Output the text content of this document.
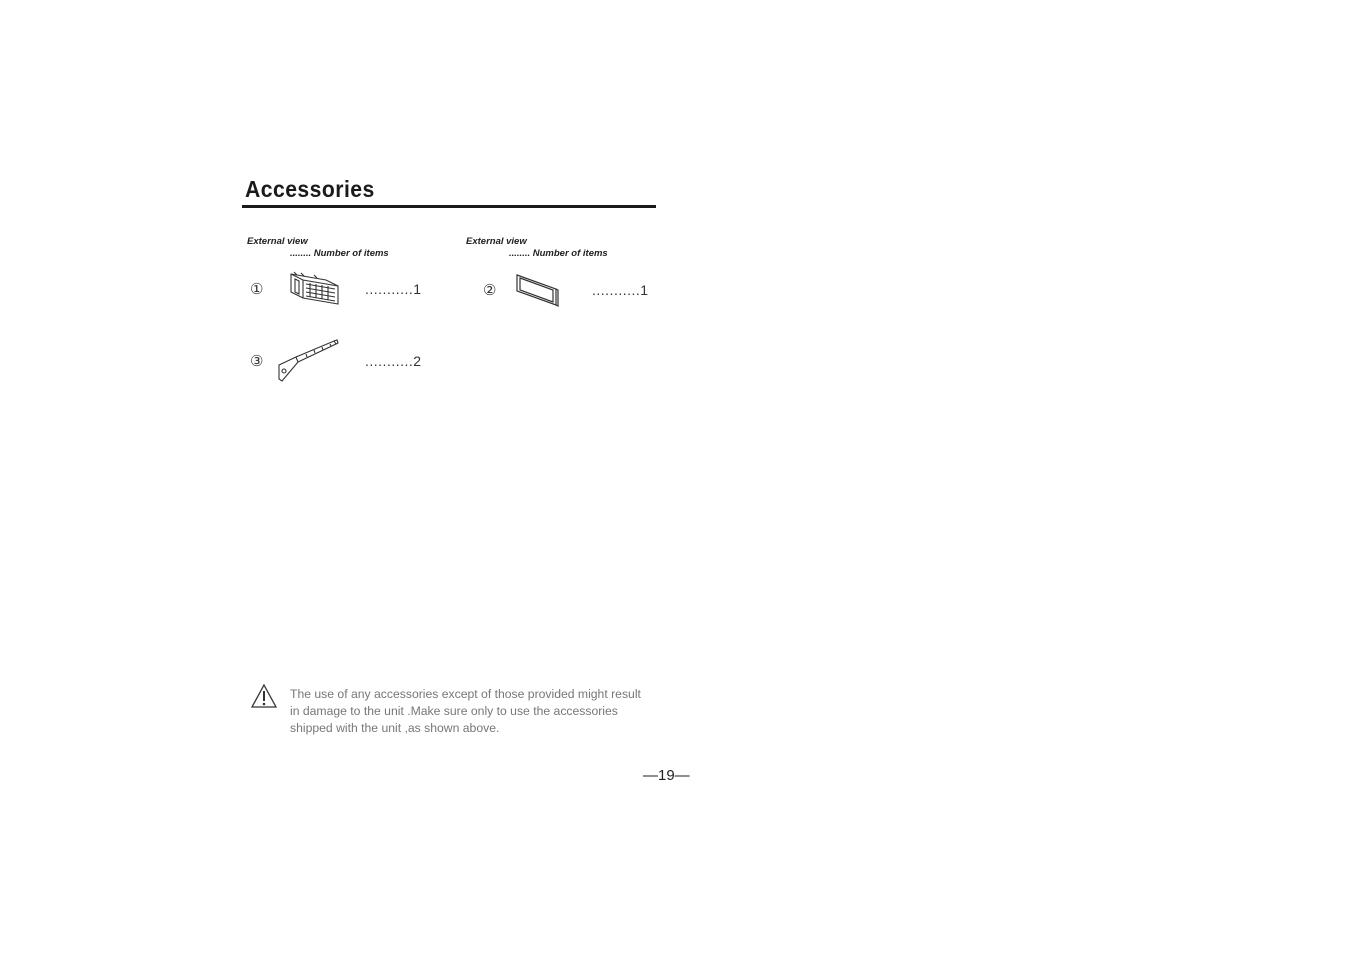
Accessories
External view
........ Number of items
External view
........ Number of items
①	...........1	②	...........1
③	...........2
The use of any accessories except of those provided might result in damage to the unit .Make sure only to use the accessories shipped with the unit ,as shown above.
—19—
